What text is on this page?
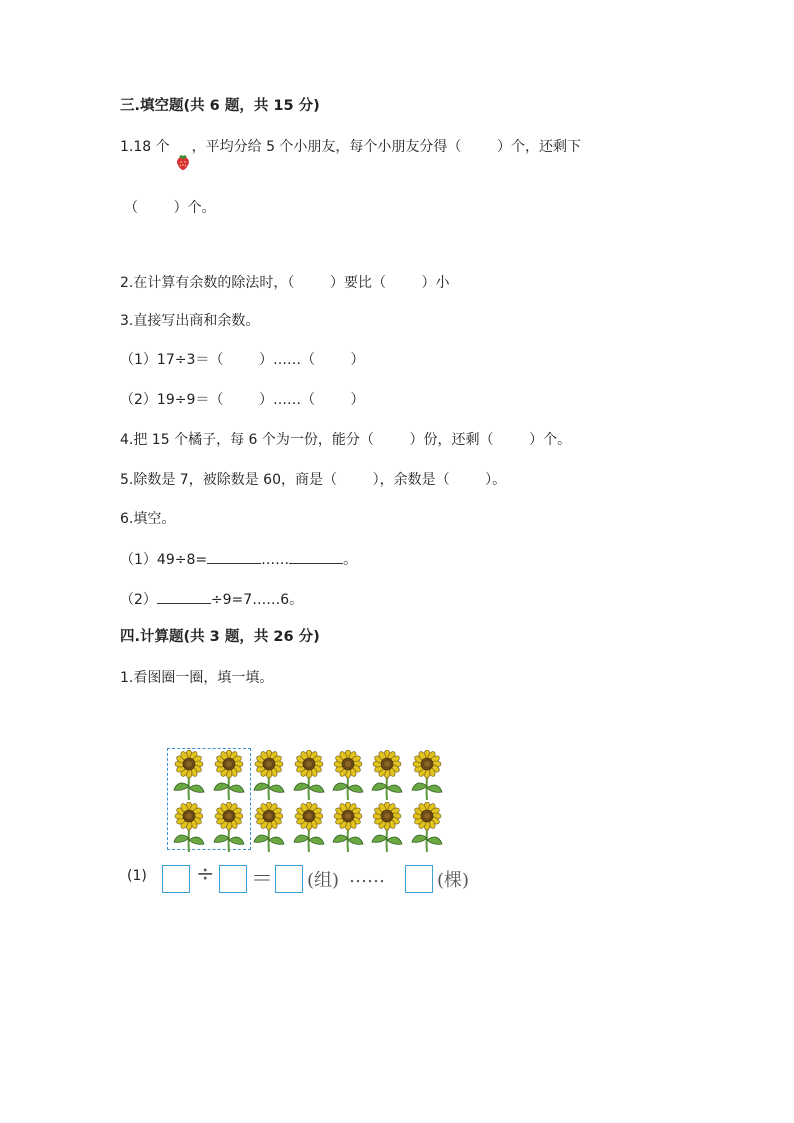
三.填空题(共 6 题，共 15 分)
1.18 个 ，平均分给 5 个小朋友，每个小朋友分得（        ）个，还剩下
（        ）个。
2.在计算有余数的除法时，（        ）要比（        ）小
3.直接写出商和余数。
（1）17÷3＝（        ）……（        ）
（2）19÷9＝（        ）……（        ）
4.把 15 个橘子，每 6 个为一份，能分（        ）份，还剩（        ）个。
5.除数是 7，被除数是 60，商是（        ），余数是（        ）。
6.填空。
（1）49÷8=	……	。
（2）	÷9=7……6。
四.计算题(共 3 题，共 26 分)
1.看图圈一圈，填一填。
(1) ÷ ＝ (组) ……	(棵)
